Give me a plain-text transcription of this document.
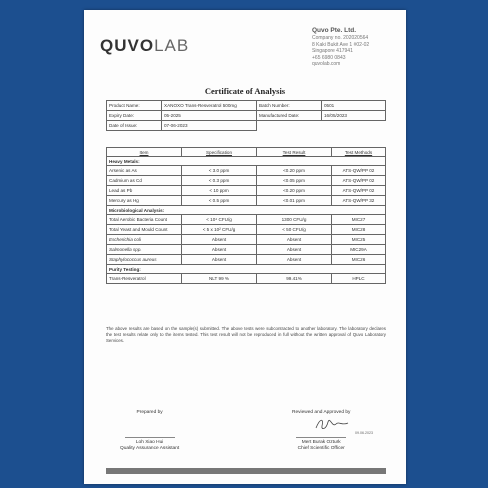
QUVOLAB
Quvo Pte. Ltd.
Company no. 202020564
8 Kaki Bukit Ave 1 #02-02
Singapore 417941
+65 6980 0843
quvolab.com
Certificate of Analysis
Product Name:	XANOXO Trans-Resveratrol 500mg	Batch Number:	0501
Expiry Date:	05-2025	Manufactured Date:	16/05/2023
Date of Issue:	07-06-2023		
Item	Specification	Test Result	Test Methods
Heavy Metals:			
Arsenic as As	< 3.0 ppm	<0.20 ppm	ATS-QW/PP 02
Cadmium as Cd	< 0.3 ppm	<0.05 ppm	ATS-QW/PP 02
Lead as Pb	< 10 ppm	<0.20 ppm	ATS-QW/PP 02
Mercury as Hg	< 0.5 ppm	<0.01 ppm	ATS-QW/PP 32
Microbiological Analysis:			
Total Aerobic Bacteria Count	< 10⁴ CFU/g	1300 CFU/g	MIC27
Total Yeast and Mould Count	< 5 x 10² CFU/g	< 50 CFU/g	MIC28
Escherichia coli	Absent	Absent	MIC25
Salmonella spp.	Absent	Absent	MIC29A
Staphylococcus aureus	Absent	Absent	MIC26
Purity Testing:			
Trans-Resveratrol	NLT 99 %	99.41%	HPLC
The above results are based on the sample(s) submitted. The above tests were subcontracted to another laboratory. The laboratory declares the test results relate only to the items tested. This test result will not be reproduced in full without the written approval of Quvo Laboratory Services.
Prepared by
Loh Xiao Hui
Quality Assurance Assistant
09.06.2023
Reviewed and Approved by
Mert Burak Ozturk
Chief Scientific Officer
